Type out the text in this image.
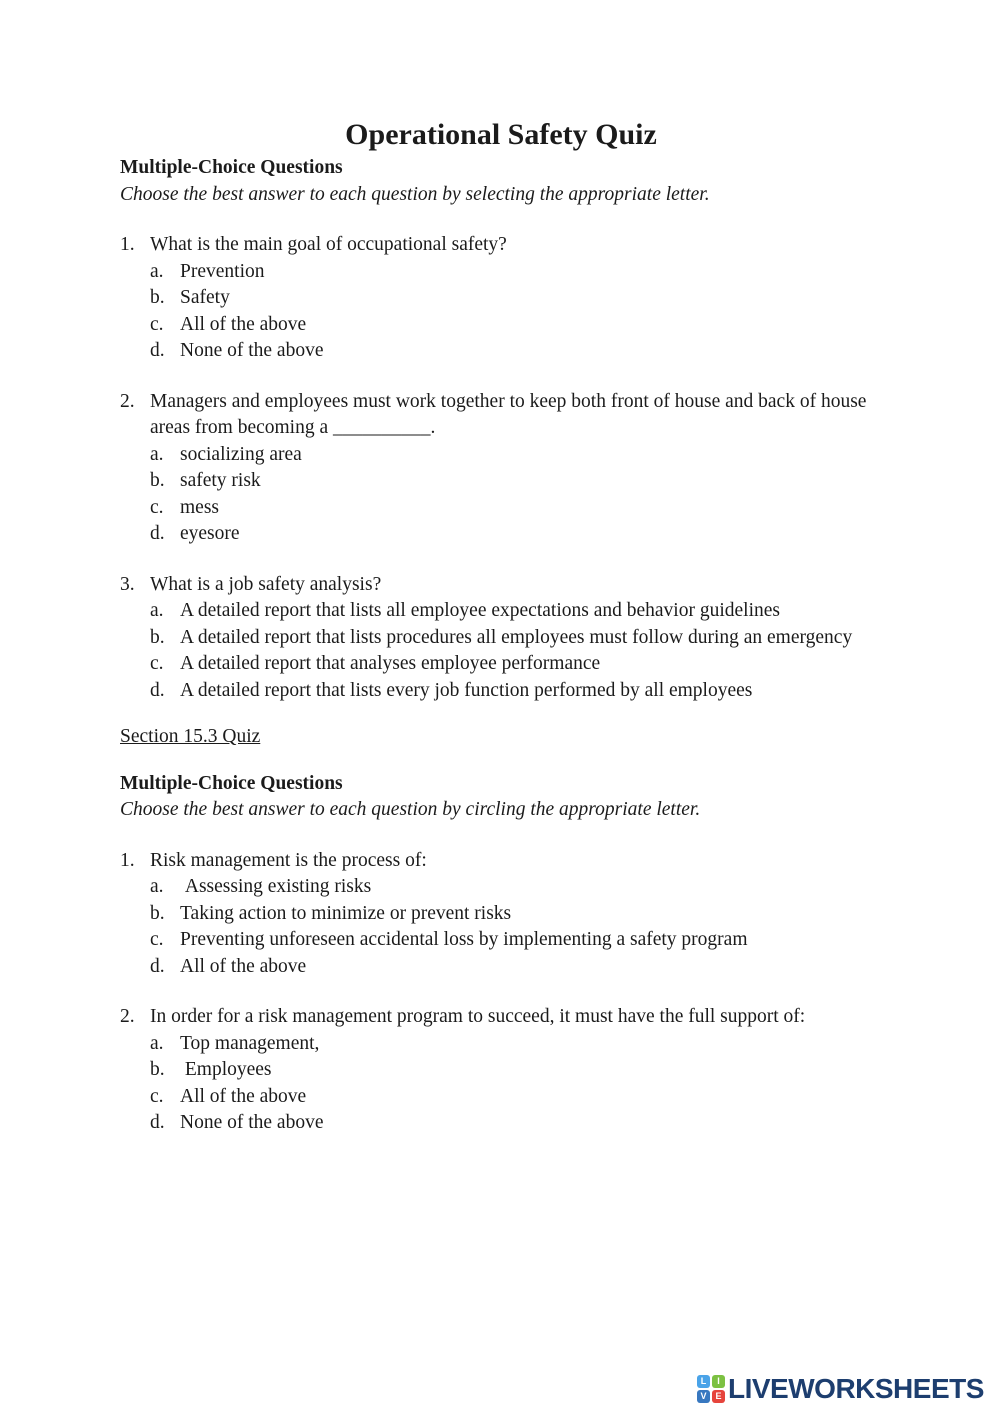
Operational Safety Quiz
Multiple-Choice Questions
Choose the best answer to each question by selecting the appropriate letter.
1. What is the main goal of occupational safety?
a. Prevention
b. Safety
c. All of the above
d. None of the above
2. Managers and employees must work together to keep both front of house and back of house areas from becoming a __________.
a. socializing area
b. safety risk
c. mess
d. eyesore
3. What is a job safety analysis?
a. A detailed report that lists all employee expectations and behavior guidelines
b. A detailed report that lists procedures all employees must follow during an emergency
c. A detailed report that analyses employee performance
d. A detailed report that lists every job function performed by all employees
Section 15.3 Quiz
Multiple-Choice Questions
Choose the best answer to each question by circling the appropriate letter.
1. Risk management is the process of:
a. Assessing existing risks
b. Taking action to minimize or prevent risks
c. Preventing unforeseen accidental loss by implementing a safety program
d. All of the above
2. In order for a risk management program to succeed, it must have the full support of:
a. Top management,
b. Employees
c. All of the above
d. None of the above
L	I
V E LIVEWORKSHEETS
